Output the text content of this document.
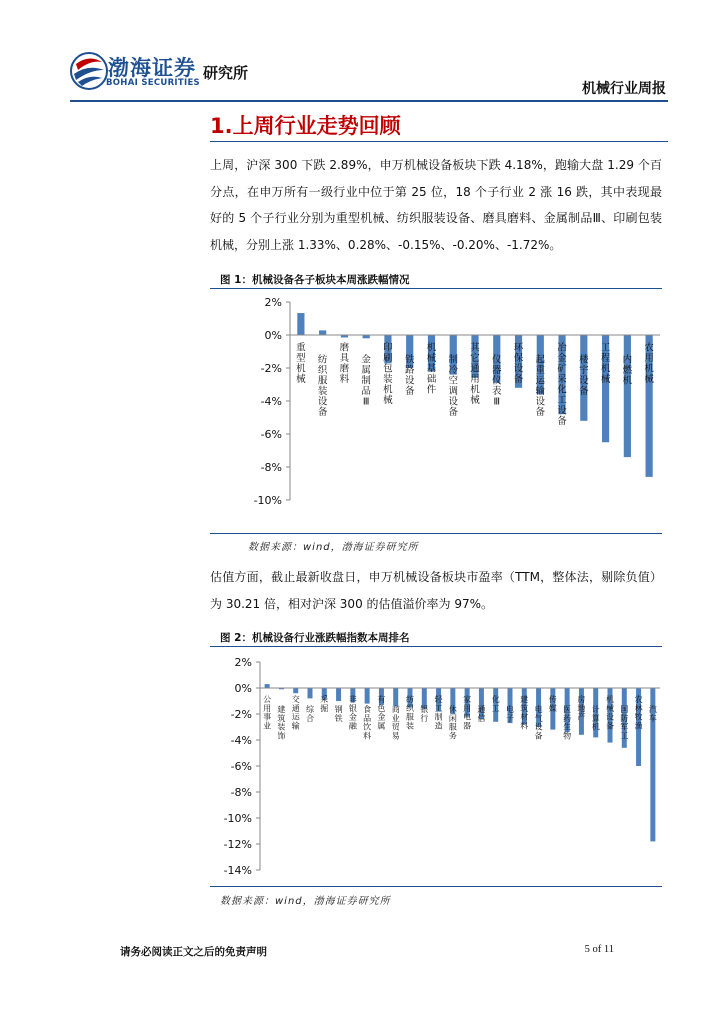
渤海证券
BOHAI SECURITIES
研究所
机械行业周报
1.上周行业走势回顾
上周，沪深 300 下跌 2.89%，申万机械设备板块下跌 4.18%，跑输大盘 1.29 个百分点，在申万所有一级行业中位于第 25 位，18 个子行业 2 涨 16 跌，其中表现最好的 5 个子行业分别为重型机械、纺织服装设备、磨具磨料、金属制品Ⅲ、印刷包装机械，分别上涨 1.33%、0.28%、-0.15%、-0.20%、-1.72%。
图 1：机械设备各子板块本周涨跌幅情况
2%
0%
-2%
-4%
-6%
-8%
-10%
重型机械
纺织服装设备
磨具磨料
金属制品 Ⅲ
印刷包装机械
铁路设备
机械基础件
制冷空调设备
其它通用机械
仪器仪表 Ⅲ
环保设备
起重运输设备
冶金矿采化工设备
楼宇设备
工程机械
内燃机
农用机械
数据来源：wind，渤海证券研究所
估值方面，截止最新收盘日，申万机械设备板块市盈率（TTM，整体法，剔除负值）为 30.21 倍，相对沪深 300 的估值溢价率为 97%。
图 2：机械设备行业涨跌幅指数本周排名
2%
0%
-2%
-4%
-6%
-8%
-10%
-12%
-14%
公用事业
建筑装饰
交通运输
综合
采掘 钢铁
非银金融
食品饮料
有色金属
商业贸易
纺织服装
银行
轻工制造
休闲服务
家用电器
通信
化工 电子
建筑材料
电气设备
传媒 医药生物
房地产
计算机
机械设备
国防军工
农林牧渔
汽车
数据来源：wind，渤海证券研究所
请务必阅读正文之后的免责声明	5 of 11
